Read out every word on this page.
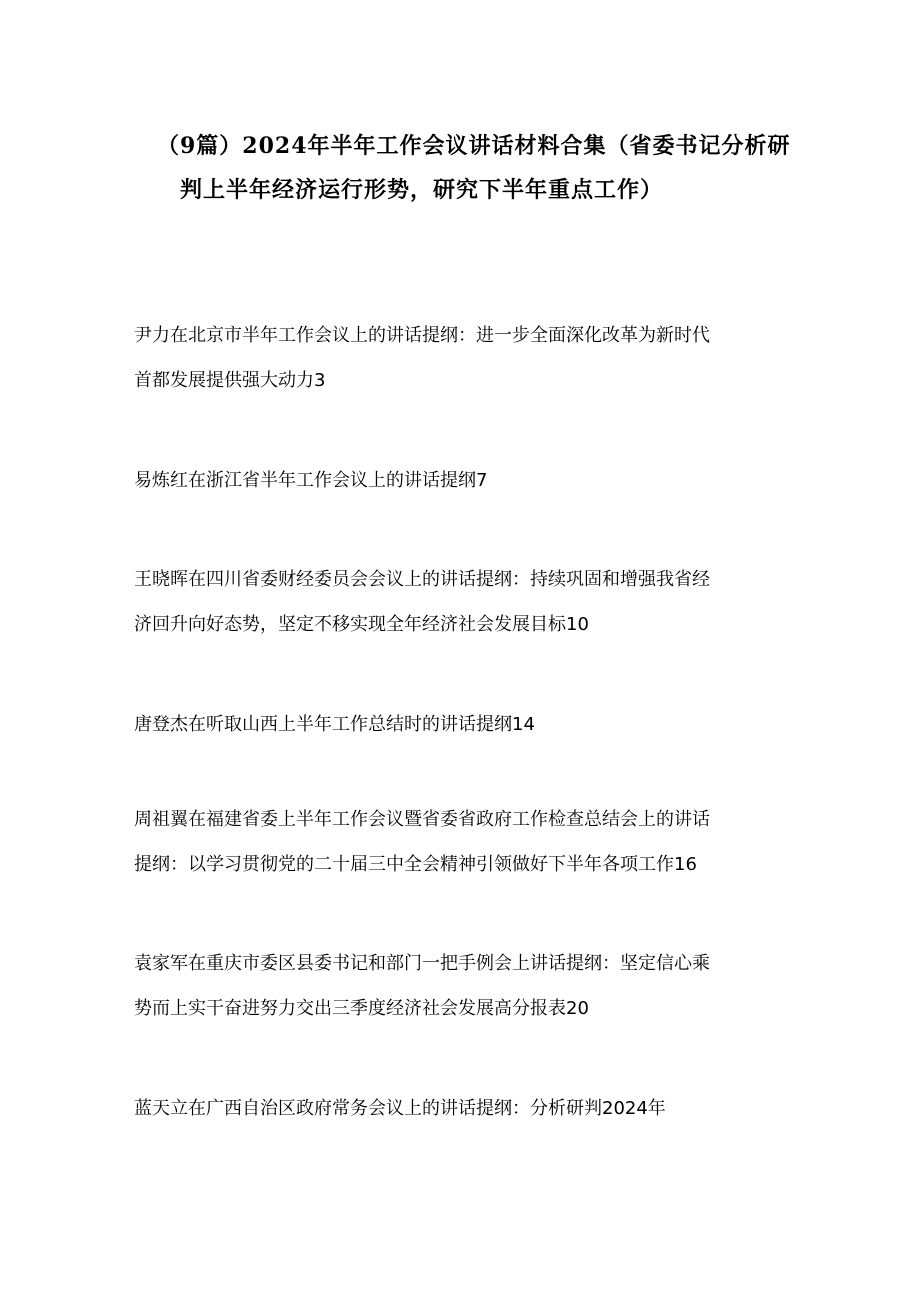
（9篇）2024年半年工作会议讲话材料合集（省委书记分析研
判上半年经济运行形势，研究下半年重点工作）
尹力在北京市半年工作会议上的讲话提纲：进一步全面深化改革为新时代
首都发展提供强大动力3
易炼红在浙江省半年工作会议上的讲话提纲7
王晓晖在四川省委财经委员会会议上的讲话提纲：持续巩固和增强我省经
济回升向好态势，坚定不移实现全年经济社会发展目标10
唐登杰在听取山西上半年工作总结时的讲话提纲14
周祖翼在福建省委上半年工作会议暨省委省政府工作检查总结会上的讲话
提纲：以学习贯彻党的二十届三中全会精神引领做好下半年各项工作16
袁家军在重庆市委区县委书记和部门一把手例会上讲话提纲：坚定信心乘
势而上实干奋进努力交出三季度经济社会发展高分报表20
蓝天立在广西自治区政府常务会议上的讲话提纲：分析研判2024年
